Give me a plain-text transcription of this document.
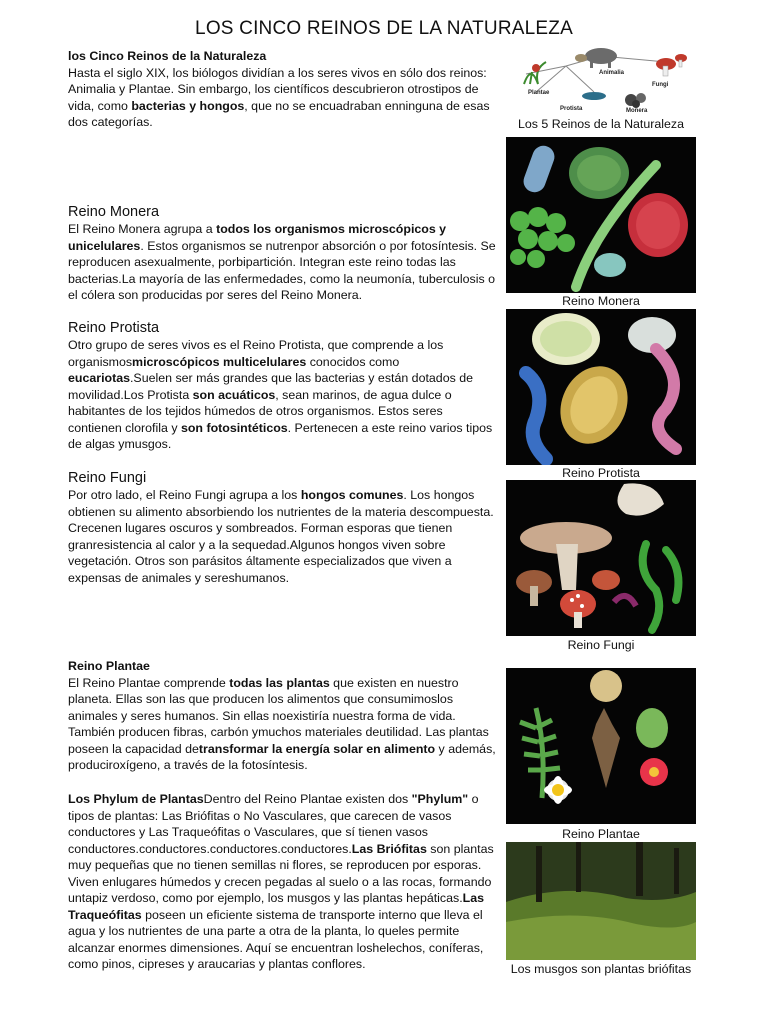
LOS CINCO REINOS DE LA NATURALEZA

los Cinco Reinos de la Naturaleza

Hasta el siglo XIX, los biólogos dividían a los seres vivos en sólo dos reinos: Animalia y Plantae. Sin embargo, los científicos descubrieron otrostipos de vida, como bacterias y hongos, que no se encuadraban enninguna de esas dos categorías.

Reino Monera

El Reino Monera agrupa a todos los organismos microscópicos y unicelulares. Estos organismos se nutrenpor absorción o por fotosíntesis. Se reproducen asexualmente, porbipartición. Integran este reino todas las bacterias.La mayoría de las enfermedades, como la neumonía, tuberculosis o el cólera son producidas por seres del Reino Monera.

Reino Protista

Otro grupo de seres vivos es el Reino Protista, que comprende a los organismosmicroscópicos multicelulares conocidos como eucariotas.Suelen ser más grandes que las bacterias y están dotados de movilidad.Los Protista son acuáticos, sean marinos, de agua dulce o habitantes de los tejidos húmedos de otros organismos. Estos seres contienen clorofila y son fotosintéticos. Pertenecen a este reino varios tipos de algas ymusgos.

Reino Fungi

Por otro lado, el Reino Fungi agrupa a los hongos comunes. Los hongos obtienen su alimento absorbiendo los nutrientes de la materia descompuesta. Crecenen lugares oscuros y sombreados. Forman esporas que tienen granresistencia al calor y a la sequedad.Algunos hongos viven sobre vegetación. Otros son parásitos áltamente especializados que viven a expensas de animales y sereshumanos.

Reino Plantae

El Reino Plantae comprende todas las plantas que existen en nuestro planeta. Ellas son las que producen los alimentos que consumimoslos animales y seres humanos. Sin ellas noexistiría nuestra forma de vida. También producen fibras, carbón ymuchos materiales deutilidad. Las plantas poseen la capacidad detransformar la energía solar en alimento y además, produciroxígeno, a través de la fotosíntesis.

Los Phylum de PlantasDentro del Reino Plantae existen dos "Phylum" o tipos de plantas: Las Briófitas o No Vasculares, que carecen de vasos conductores y Las Traqueófitas o Vasculares, que sí tienen vasos conductores.conductores.conductores.conductores.Las Briófitas son plantas muy pequeñas que no tienen semillas ni flores, se reproducen por esporas. Viven enlugares húmedos y crecen pegadas al suelo o a las rocas, formando untapiz verdoso, como por ejemplo, los musgos y las plantas hepáticas.Las Traqueófitas poseen un eficiente sistema de transporte interno que lleva el agua y los nutrientes de una parte a otra de la planta, lo queles permite alcanzar enormes dimensiones. Aquí se encuentran loshelechos, coníferas, como pinos, cipreses y araucarias y plantas conflores.

Animalia
Fungi
Plantae
Protista	Monera
Los 5 Reinos de la Naturaleza
Reino Monera
Reino Protista
Reino Fungi
Reino Plantae
Los musgos son plantas briófitas
